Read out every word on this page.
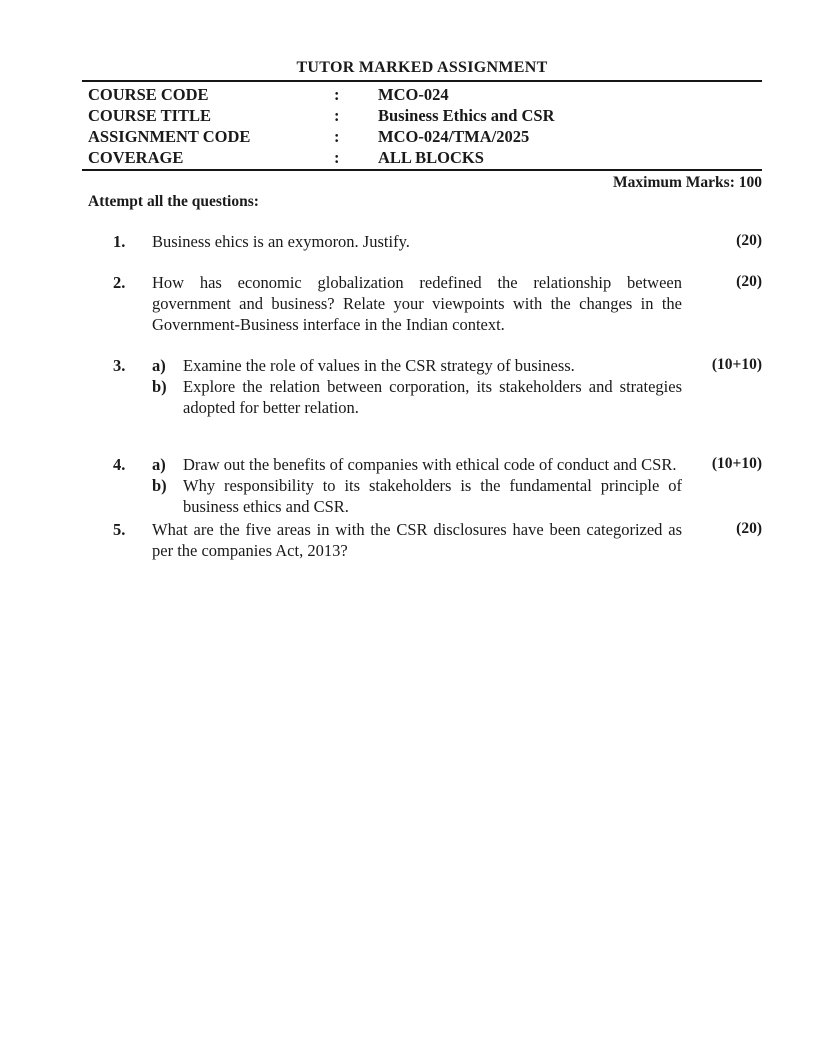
TUTOR MARKED ASSIGNMENT
COURSE CODE	:	MCO-024
COURSE TITLE	:	Business Ethics and CSR
ASSIGNMENT CODE	:	MCO-024/TMA/2025
COVERAGE	:	ALL BLOCKS
Maximum Marks: 100
Attempt all the questions:
1.	Business ehics is an exymoron. Justify.	(20)
2.	How has economic globalization redefined the relationship between government and business? Relate your viewpoints with the changes in the Government-Business interface in the Indian context.
(20)
3.	a)	Examine the role of values in the CSR strategy of business.
b) Explore the relation between corporation, its stakeholders and strategies adopted for better relation.
(10+10)
4.	a)	Draw out the benefits of companies with ethical code of conduct and CSR.
b) Why responsibility to its stakeholders is the fundamental principle of business ethics and CSR.
(10+10)
5.	What are the five areas in with the CSR disclosures have been categorized as per the companies Act, 2013?
(20)
